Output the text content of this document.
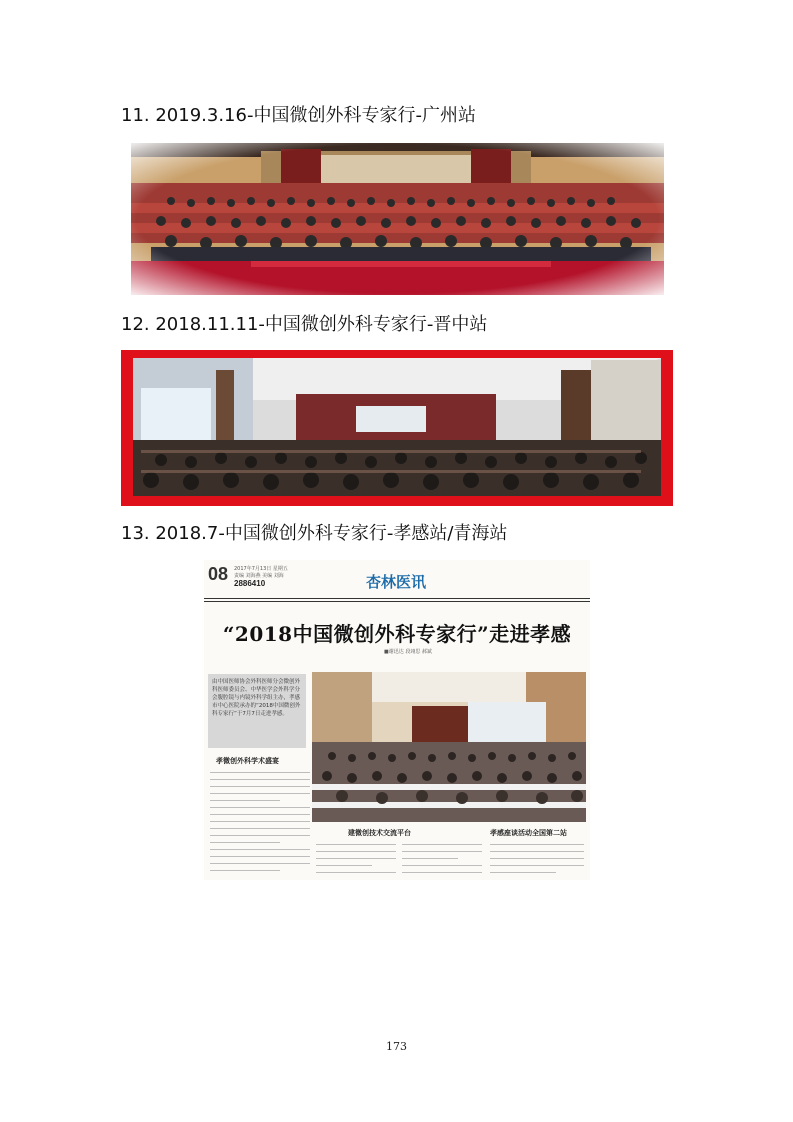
11. 2019.3.16-中国微创外科专家行-广州站
12. 2018.11.11-中国微创外科专家行-晋中站
13. 2018.7-中国微创外科专家行-孝感站/青海站
08 2017年7月13日 星期五
责编 刘海燕 美编 刘海
2886410	杏林医讯
“2018中国微创外科专家行”走进孝感
■谢迅达 段翊思 郝斌
由中国医师协会外科医师分会微创外科医师委员会、中华医学会外科学分会腹腔镜与内镜外科学组主办，孝感市中心医院承办的“2018中国微创外科专家行”于7月7日走进孝感。
孝微创外科学术盛宴
建微创技术交流平台	孝感座谈活动全国第二站
173
